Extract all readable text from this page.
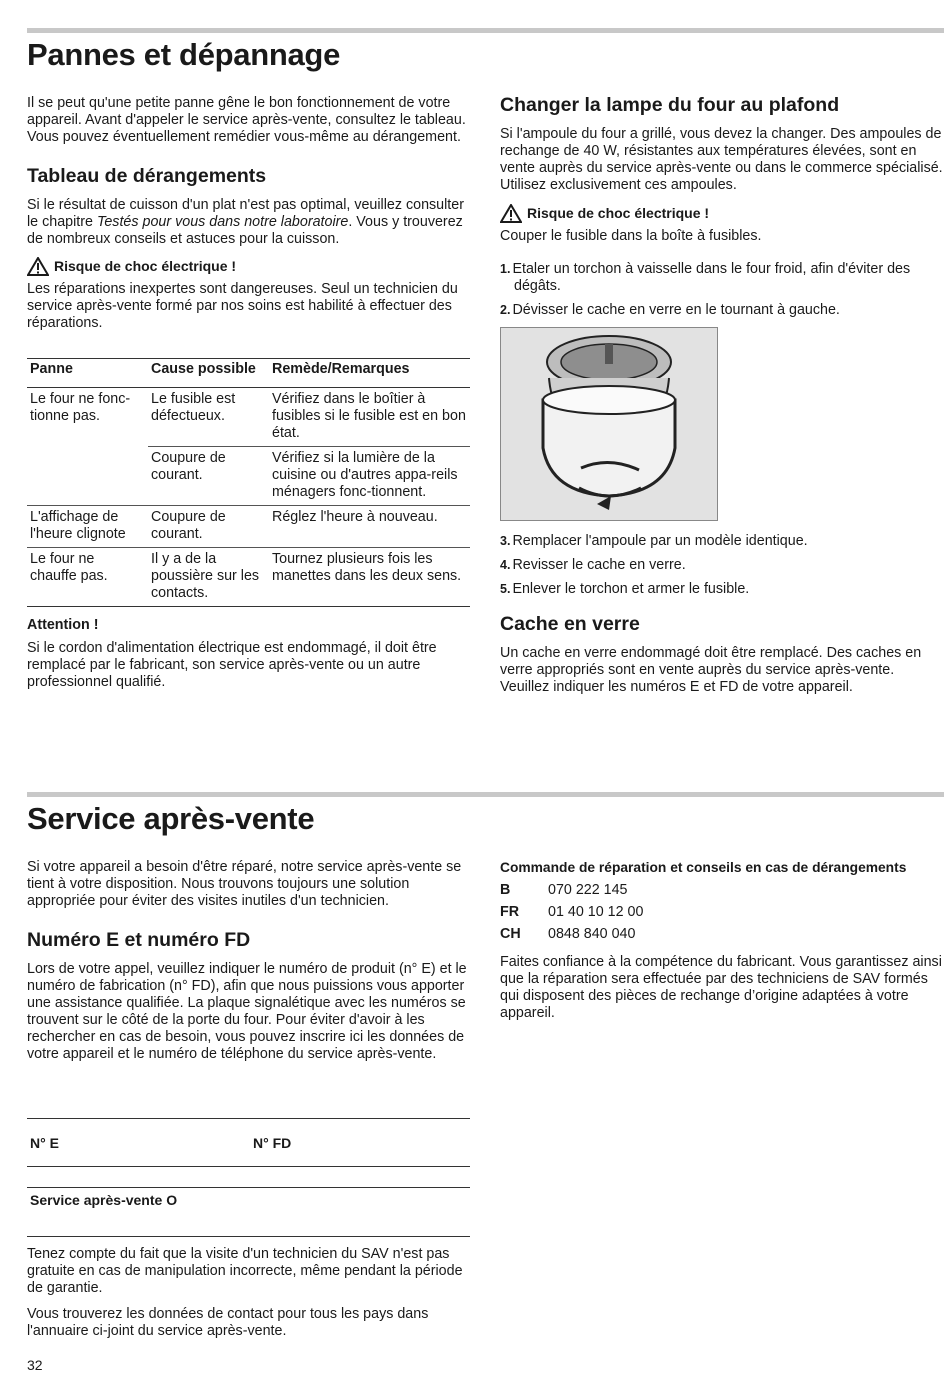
Pannes et dépannage

Il se peut qu'une petite panne gêne le bon fonctionnement de votre appareil. Avant d'appeler le service après-vente, consultez le tableau. Vous pouvez éventuellement remédier vous-même au dérangement.

Tableau de dérangements

Si le résultat de cuisson d'un plat n'est pas optimal, veuillez consulter le chapitre Testés pour vous dans notre laboratoire. Vous y trouverez de nombreux conseils et astuces pour la cuisson.

Risque de choc électrique !

Les réparations inexpertes sont dangereuses. Seul un technicien du service après-vente formé par nos soins est habilité à effectuer des réparations.

Panne	Cause possible	Remède/Remarques
Le four ne fonc-tionne pas.	Le fusible est défectueux.	Vérifiez dans le boîtier à fusibles si le fusible est en bon état.
	Coupure de courant.	Vérifiez si la lumière de la cuisine ou d'autres appa-reils ménagers fonc-tionnent.
L'affichage de l'heure clignote	Coupure de courant.	Réglez l'heure à nouveau.
Le four ne chauffe pas.	Il y a de la poussière sur les contacts.	Tournez plusieurs fois les manettes dans les deux sens.
Attention !

Si le cordon d'alimentation électrique est endommagé, il doit être remplacé par le fabricant, son service après-vente ou un autre professionnel qualifié.

Changer la lampe du four au plafond

Si l'ampoule du four a grillé, vous devez la changer. Des ampoules de rechange de 40 W, résistantes aux températures élevées, sont en vente auprès du service après-vente ou dans le commerce spécialisé. Utilisez exclusivement ces ampoules.

Risque de choc électrique !

Couper le fusible dans la boîte à fusibles.

1. Etaler un torchon à vaisselle dans le four froid, afin d'éviter des dégâts.
2. Dévisser le cache en verre en le tournant à gauche.
3. Remplacer l'ampoule par un modèle identique.
4. Revisser le cache en verre.
5. Enlever le torchon et armer le fusible.
Cache en verre

Un cache en verre endommagé doit être remplacé. Des caches en verre appropriés sont en vente auprès du service après-vente. Veuillez indiquer les numéros E et FD de votre appareil.

Service après-vente

Si votre appareil a besoin d'être réparé, notre service après-vente se tient à votre disposition. Nous trouvons toujours une solution appropriée pour éviter des visites inutiles d'un technicien.

Numéro E et numéro FD

Lors de votre appel, veuillez indiquer le numéro de produit (n° E) et le numéro de fabrication (n° FD), afin que nous puissions vous apporter une assistance qualifiée. La plaque signalétique avec les numéros se trouvent sur le côté de la porte du four. Pour éviter d'avoir à les rechercher en cas de besoin, vous pouvez inscrire ici les données de votre appareil et le numéro de téléphone du service après-vente.

N° E	N° FD
Service après-vente O

Tenez compte du fait que la visite d'un technicien du SAV n'est pas gratuite en cas de manipulation incorrecte, même pendant la période de garantie.

Vous trouverez les données de contact pour tous les pays dans l'annuaire ci-joint du service après-vente.

Commande de réparation et conseils en cas de dérangements
B	070 222 145
FR	01 40 10 12 00
CH	0848 840 040

Faites confiance à la compétence du fabricant. Vous garantissez ainsi que la réparation sera effectuée par des techniciens de SAV formés qui disposent des pièces de rechange d’origine adaptées à votre appareil.

32
